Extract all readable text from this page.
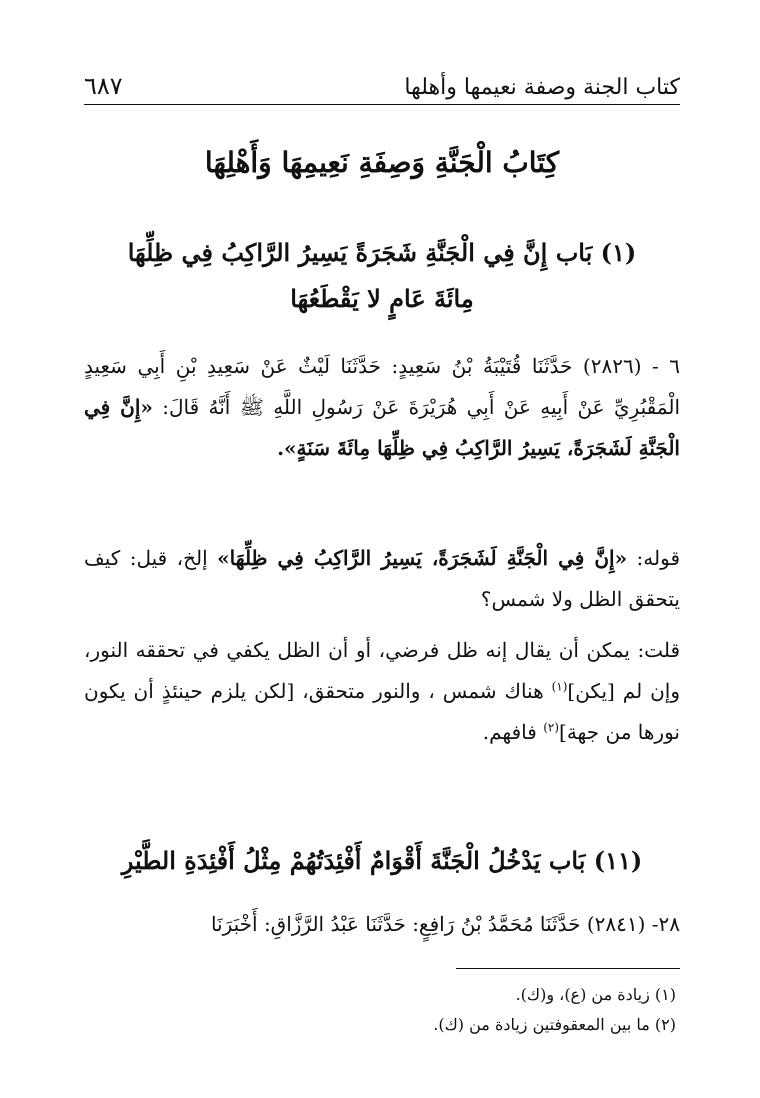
كتاب الجنة وصفة نعيمها وأهلها
٦٨٧
كِتَابُ الْجَنَّةِ وَصِفَةِ نَعِيمِهَا وَأَهْلِهَا
(١) بَاب إِنَّ فِي الْجَنَّةِ شَجَرَةً يَسِيرُ الرَّاكِبُ فِي ظِلِّهَا
مِائَةَ عَامٍ لا يَقْطَعُهَا
٦ - (٢٨٢٦) حَدَّثَنَا قُتَيْبَةُ بْنُ سَعِيدٍ: حَدَّثَنَا لَيْثٌ عَنْ سَعِيدِ بْنِ أَبِي سَعِيدٍ الْمَقْبُرِيِّ عَنْ أَبِيهِ عَنْ أَبِي هُرَيْرَةَ عَنْ رَسُولِ اللَّهِ ﷺ أَنَّهُ قَالَ: «إِنَّ فِي الْجَنَّةِ لَشَجَرَةً، يَسِيرُ الرَّاكِبُ فِي ظِلِّهَا مِائَةَ سَنَةٍ».
قوله: «إِنَّ فِي الْجَنَّةِ لَشَجَرَةً، يَسِيرُ الرَّاكِبُ فِي ظِلِّهَا» إلخ، قيل: كيف يتحقق الظل ولا شمس؟
قلت: يمكن أن يقال إنه ظل فرضي، أو أن الظل يكفي في تحققه النور، وإن لم [يكن]$^{(١)}$ هناك شمس ، والنور متحقق، [لكن يلزم حينئذٍ أن يكون نورها من جهة]$^{(٢)}$ فافهم.
(١١) بَاب يَدْخُلُ الْجَنَّةَ أَقْوَامٌ أَفْئِدَتُهُمْ مِثْلُ أَفْئِدَةِ الطَّيْرِ
٢٨- (٢٨٤١) حَدَّثَنَا مُحَمَّدُ بْنُ رَافِعٍ: حَدَّثَنَا عَبْدُ الرَّزَّاقِ: أَخْبَرَنَا
(١) زيادة من (ع)، و(ك).
(٢) ما بين المعقوفتين زيادة من (ك).
